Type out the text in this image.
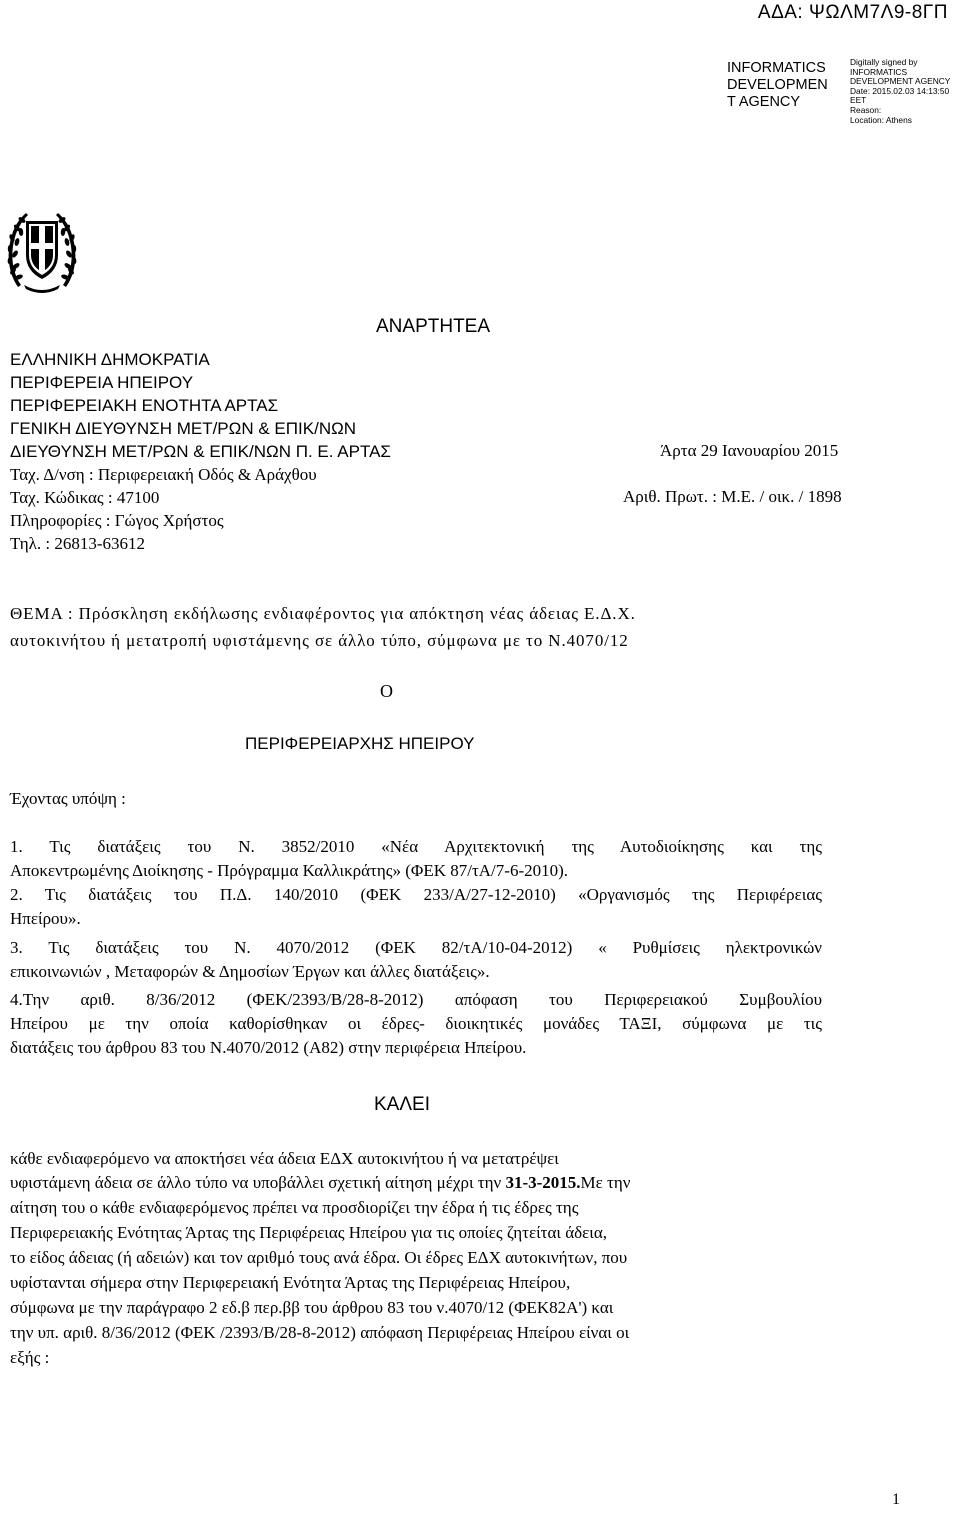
ΑΔΑ: ΨΩΛΜ7Λ9-8ΓΠ
INFORMATICS
DEVELOPMEN
T AGENCY
Digitally signed by
INFORMATICS
DEVELOPMENT AGENCY
Date: 2015.02.03 14:13:50
EET
Reason:
Location: Athens
ΑΝΑΡΤΗΤΕΑ
ΕΛΛΗΝΙΚΗ ΔΗΜΟΚΡΑΤΙΑ
ΠΕΡΙΦΕΡΕΙΑ ΗΠΕΙΡΟΥ
ΠΕΡΙΦΕΡΕΙΑΚΗ ΕΝΟΤΗΤΑ ΑΡΤΑΣ
ΓΕΝΙΚΗ ΔΙΕΥΘΥΝΣΗ ΜΕΤ/ΡΩΝ & ΕΠΙΚ/ΝΩΝ
ΔΙΕΥΘΥΝΣΗ ΜΕΤ/ΡΩΝ & ΕΠΙΚ/ΝΩΝ Π. Ε. ΑΡΤΑΣ
Ταχ. Δ/νση : Περιφερειακή Οδός & Αράχθου
Ταχ. Κώδικας : 47100
Πληροφορίες : Γώγος Χρήστος
Τηλ. : 26813-63612
Άρτα 29 Ιανουαρίου 2015
Αριθ. Πρωτ. : Μ.Ε. / οικ. / 1898
ΘΕΜΑ : Πρόσκληση εκδήλωσης ενδιαφέροντος για απόκτηση νέας άδειας Ε.Δ.Χ.
αυτοκινήτου ή μετατροπή υφιστάμενης σε άλλο τύπο, σύμφωνα με το Ν.4070/12
Ο
ΠΕΡΙΦΕΡΕΙΑΡΧΗΣ ΗΠΕΙΡΟΥ
Έχοντας υπόψη :
1. Τις διατάξεις του Ν. 3852/2010 «Νέα Αρχιτεκτονική της Αυτοδιοίκησης και της
Αποκεντρωμένης Διοίκησης - Πρόγραμμα Καλλικράτης» (ΦΕΚ 87/τΑ/7-6-2010).
2. Τις διατάξεις του Π.Δ. 140/2010 (ΦΕΚ 233/Α/27-12-2010) «Οργανισμός της Περιφέρειας
Ηπείρου».
3. Τις διατάξεις του Ν. 4070/2012 (ΦΕΚ 82/τΑ/10-04-2012) « Ρυθμίσεις ηλεκτρονικών
επικοινωνιών , Μεταφορών & Δημοσίων Έργων και άλλες διατάξεις».
4.Την αριθ. 8/36/2012 (ΦΕΚ/2393/Β/28-8-2012) απόφαση του Περιφερειακού Συμβουλίου
Ηπείρου με την οποία καθορίσθηκαν οι έδρες- διοικητικές μονάδες ΤΑΞΙ, σύμφωνα με τις
διατάξεις του άρθρου 83 του Ν.4070/2012 (Α82) στην περιφέρεια Ηπείρου.
ΚΑΛΕΙ
κάθε ενδιαφερόμενο να αποκτήσει νέα άδεια ΕΔΧ αυτοκινήτου ή να μετατρέψει
υφιστάμενη άδεια σε άλλο τύπο να υποβάλλει σχετική αίτηση μέχρι την 31-3-2015.Με την
αίτηση του ο κάθε ενδιαφερόμενος πρέπει να προσδιορίζει την έδρα ή τις έδρες της
Περιφερειακής Ενότητας Άρτας της Περιφέρειας Ηπείρου για τις οποίες ζητείται άδεια,
το είδος άδειας (ή αδειών) και τον αριθμό τους ανά έδρα. Οι έδρες ΕΔΧ αυτοκινήτων, που
υφίστανται σήμερα στην Περιφερειακή Ενότητα Άρτας της Περιφέρειας Ηπείρου,
σύμφωνα με την παράγραφο 2 εδ.β περ.ββ του άρθρου 83 του ν.4070/12 (ΦΕΚ82Α') και
την υπ. αριθ. 8/36/2012 (ΦΕΚ /2393/Β/28-8-2012) απόφαση Περιφέρειας Ηπείρου είναι οι
εξής :
1
